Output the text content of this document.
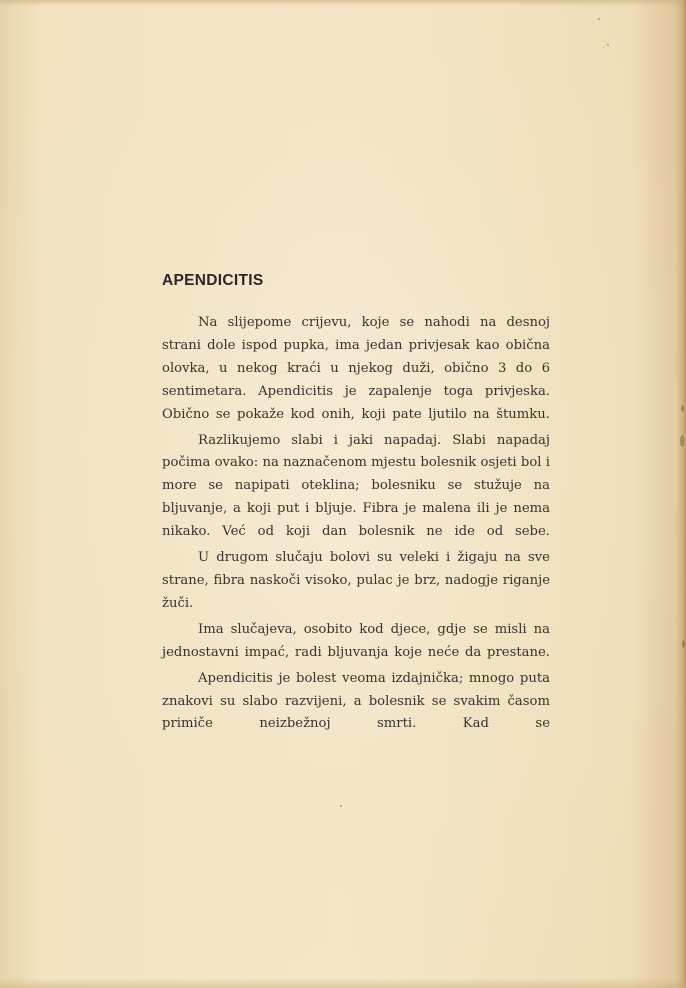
APENDICITIS

Na slijepome crijevu, koje se nahodi na desnoj strani dole ispod pupka, ima jedan privjesak kao obična olovka, u nekog kraći u njekog duži, obično 3 do 6 sentimetara. Apendicitis je zapalenje toga privjeska. Obično se pokaže kod onih, koji pate ljutilo na štumku.

Razlikujemo slabi i jaki napadaj. Slabi napadaj počima ovako: na naznačenom mjestu bolesnik osjeti bol i more se napipati oteklina; bolesniku se stužuje na bljuvanje, a koji put i bljuje. Fibra je malena ili je nema nikako. Već od koji dan bolesnik ne ide od sebe.

U drugom slučaju bolovi su veleki i žigaju na sve strane, fibra naskoči visoko, pulac je brz, nadogje riganje žuči.

Ima slučajeva, osobito kod djece, gdje se misli na jednostavni impać, radi bljuvanja koje neće da prestane.

Apendicitis je bolest veoma izdajnička; mnogo puta znakovi su slabo razvijeni, a bolesnik se svakim časom primiče neizbežnoj smrti. Kad se
